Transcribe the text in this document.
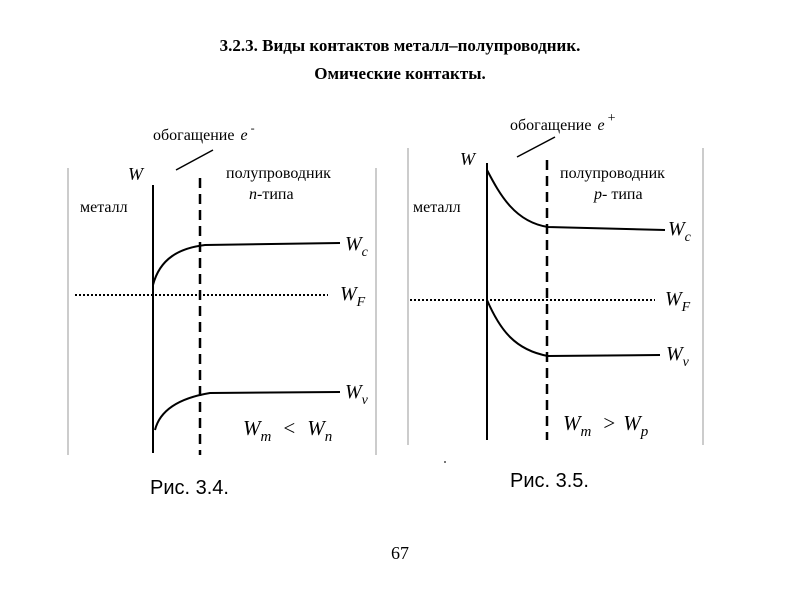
3.2.3. Виды контактов металл–полупроводник.
Омические контакты.
обогащение e -
W
металл
полупроводник
n-типа
$W_c$
$W_F$
$W_v$
$W_m < W_n$
Рис. 3.4.
обогащение e +
W
металл
полупроводник
p- типа
$W_c$
$W_F$
$W_v$
$W_m > W_p$
Рис. 3.5.
67
